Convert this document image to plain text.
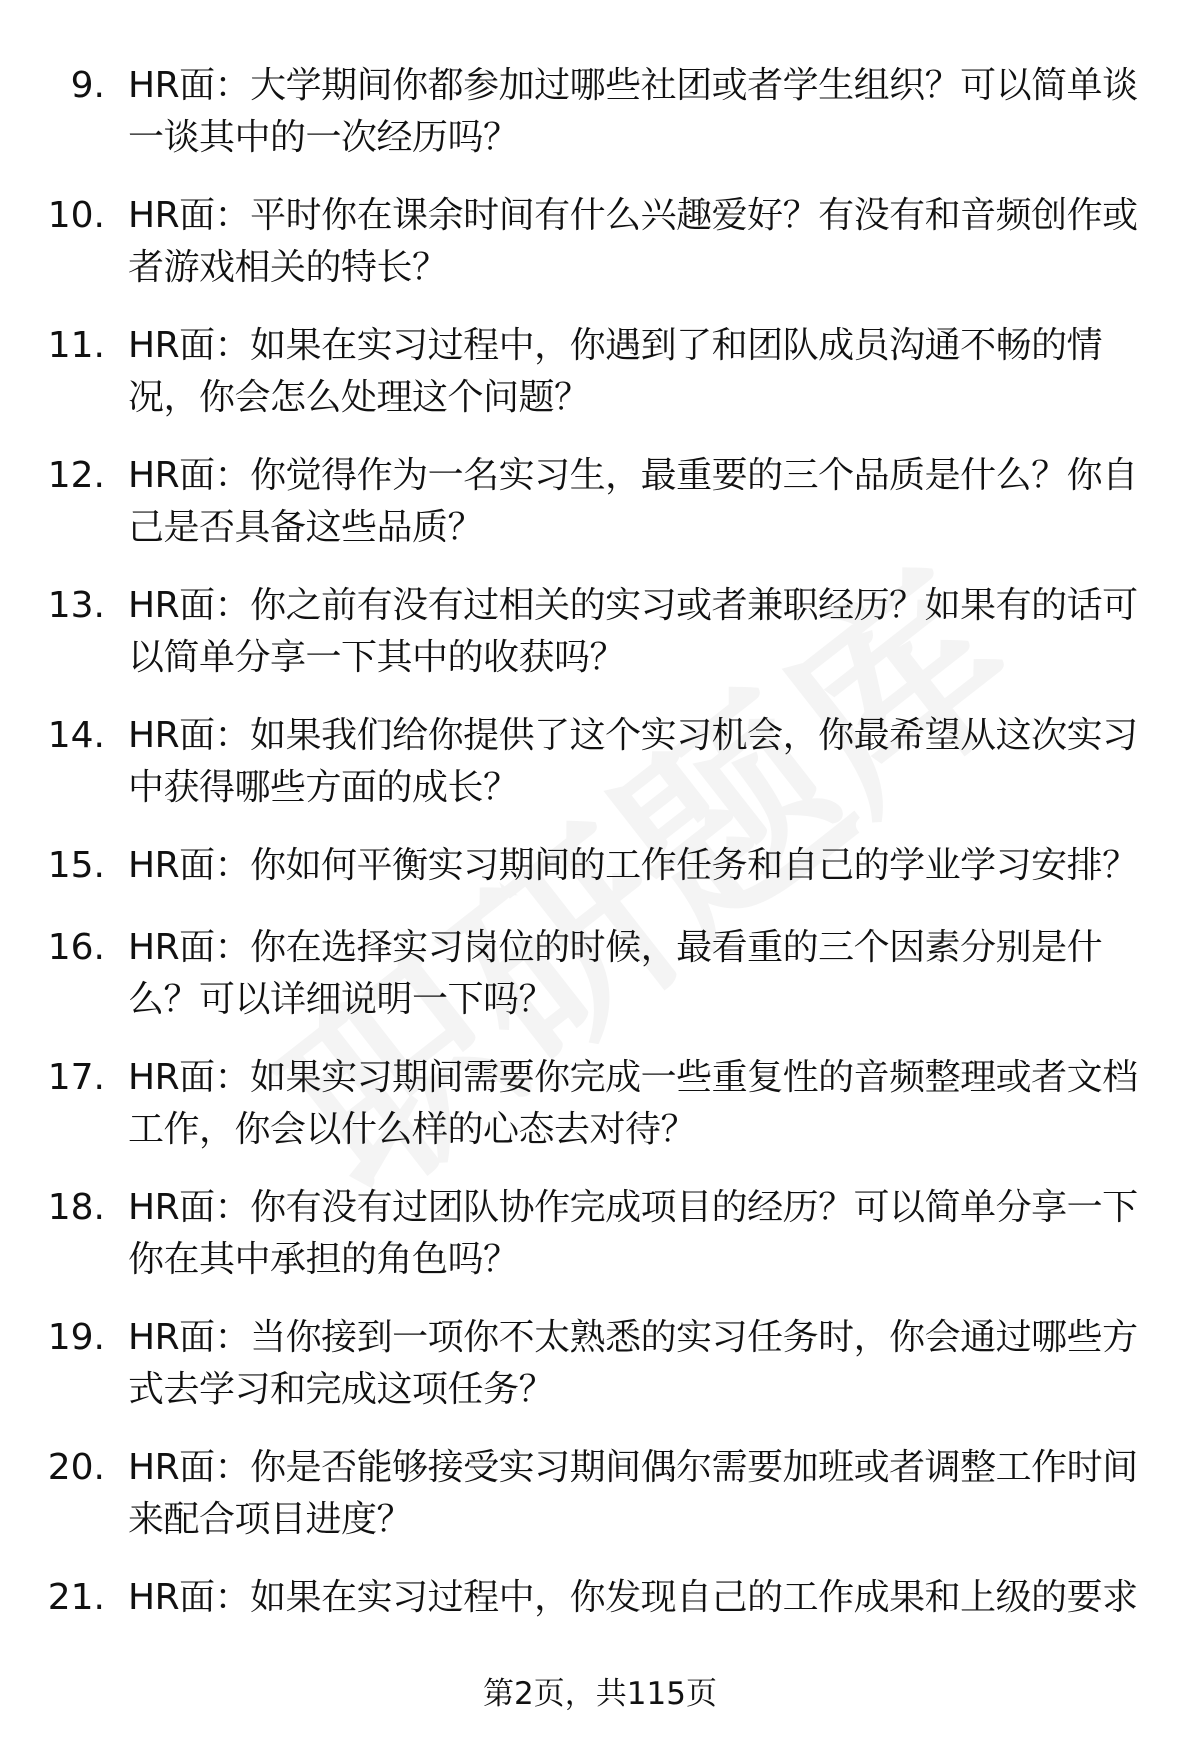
9. HR面：大学期间你都参加过哪些社团或者学生组织？可以简单谈一谈其中的一次经历吗？
10. HR面：平时你在课余时间有什么兴趣爱好？有没有和音频创作或者游戏相关的特长？
11. HR面：如果在实习过程中，你遇到了和团队成员沟通不畅的情况，你会怎么处理这个问题？
12. HR面：你觉得作为一名实习生，最重要的三个品质是什么？你自己是否具备这些品质？
13. HR面：你之前有没有过相关的实习或者兼职经历？如果有的话可以简单分享一下其中的收获吗？
14. HR面：如果我们给你提供了这个实习机会，你最希望从这次实习中获得哪些方面的成长？
15. HR面：你如何平衡实习期间的工作任务和自己的学业学习安排？
16. HR面：你在选择实习岗位的时候，最看重的三个因素分别是什么？可以详细说明一下吗？
17. HR面：如果实习期间需要你完成一些重复性的音频整理或者文档工作，你会以什么样的心态去对待？
18. HR面：你有没有过团队协作完成项目的经历？可以简单分享一下你在其中承担的角色吗？
19. HR面：当你接到一项你不太熟悉的实习任务时，你会通过哪些方式去学习和完成这项任务？
20. HR面：你是否能够接受实习期间偶尔需要加班或者调整工作时间来配合项目进度？
21. HR面：如果在实习过程中，你发现自己的工作成果和上级的要求
第2页，共115页
